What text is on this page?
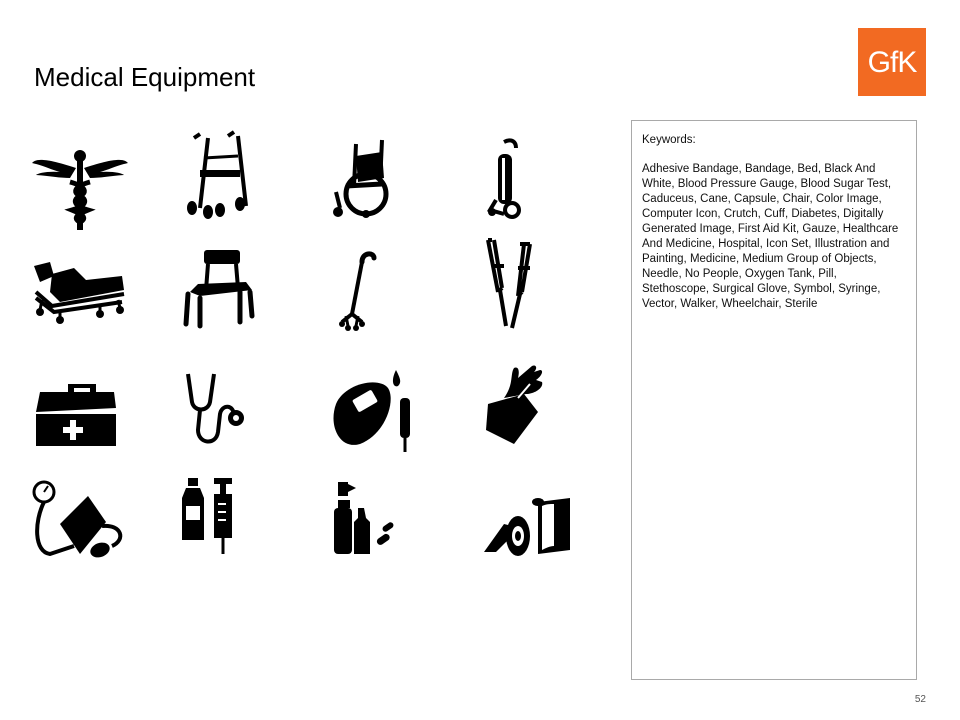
Medical Equipment	GfK

Keywords:

Adhesive Bandage, Bandage, Bed, Black And White, Blood Pressure Gauge, Blood Sugar Test, Caduceus, Cane, Capsule, Chair, Color Image, Computer Icon, Crutch, Cuff, Diabetes, Digitally Generated Image, First Aid Kit, Gauze, Healthcare And Medicine, Hospital, Icon Set, Illustration and Painting, Medicine, Medium Group of Objects, Needle, No People, Oxygen Tank, Pill, Stethoscope, Surgical Glove, Symbol, Syringe, Vector, Walker, Wheelchair, Sterile

52
